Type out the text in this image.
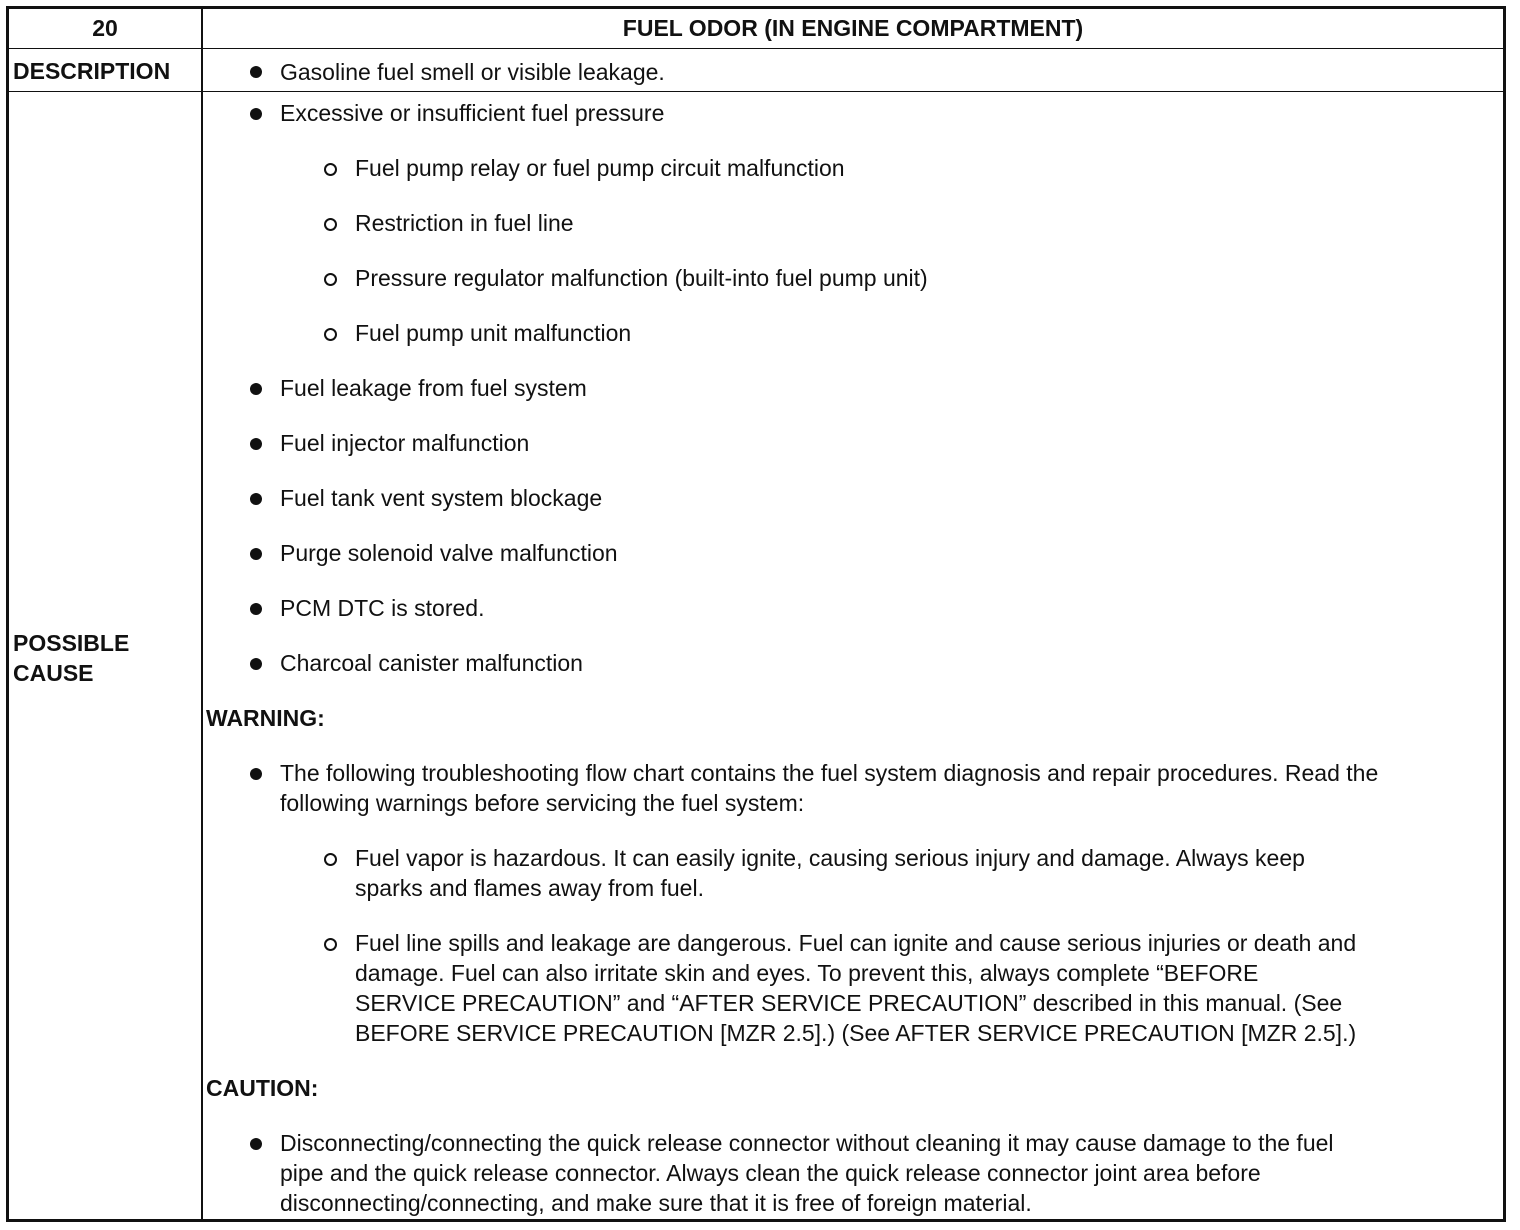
20	FUEL ODOR (IN ENGINE COMPARTMENT)
DESCRIPTION
POSSIBLE
CAUSE
Gasoline fuel smell or visible leakage.
Excessive or insufficient fuel pressure
Fuel pump relay or fuel pump circuit malfunction
Restriction in fuel line
Pressure regulator malfunction (built-into fuel pump unit)
Fuel pump unit malfunction
Fuel leakage from fuel system
Fuel injector malfunction
Fuel tank vent system blockage
Purge solenoid valve malfunction
PCM DTC is stored.
Charcoal canister malfunction
WARNING:
The following troubleshooting flow chart contains the fuel system diagnosis and repair procedures. Read the
following warnings before servicing the fuel system:
Fuel vapor is hazardous. It can easily ignite, causing serious injury and damage. Always keep
sparks and flames away from fuel.
Fuel line spills and leakage are dangerous. Fuel can ignite and cause serious injuries or death and
damage. Fuel can also irritate skin and eyes. To prevent this, always complete “BEFORE
SERVICE PRECAUTION” and “AFTER SERVICE PRECAUTION” described in this manual. (See
BEFORE SERVICE PRECAUTION [MZR 2.5].) (See AFTER SERVICE PRECAUTION [MZR 2.5].)
CAUTION:
Disconnecting/connecting the quick release connector without cleaning it may cause damage to the fuel
pipe and the quick release connector. Always clean the quick release connector joint area before
disconnecting/connecting, and make sure that it is free of foreign material.
